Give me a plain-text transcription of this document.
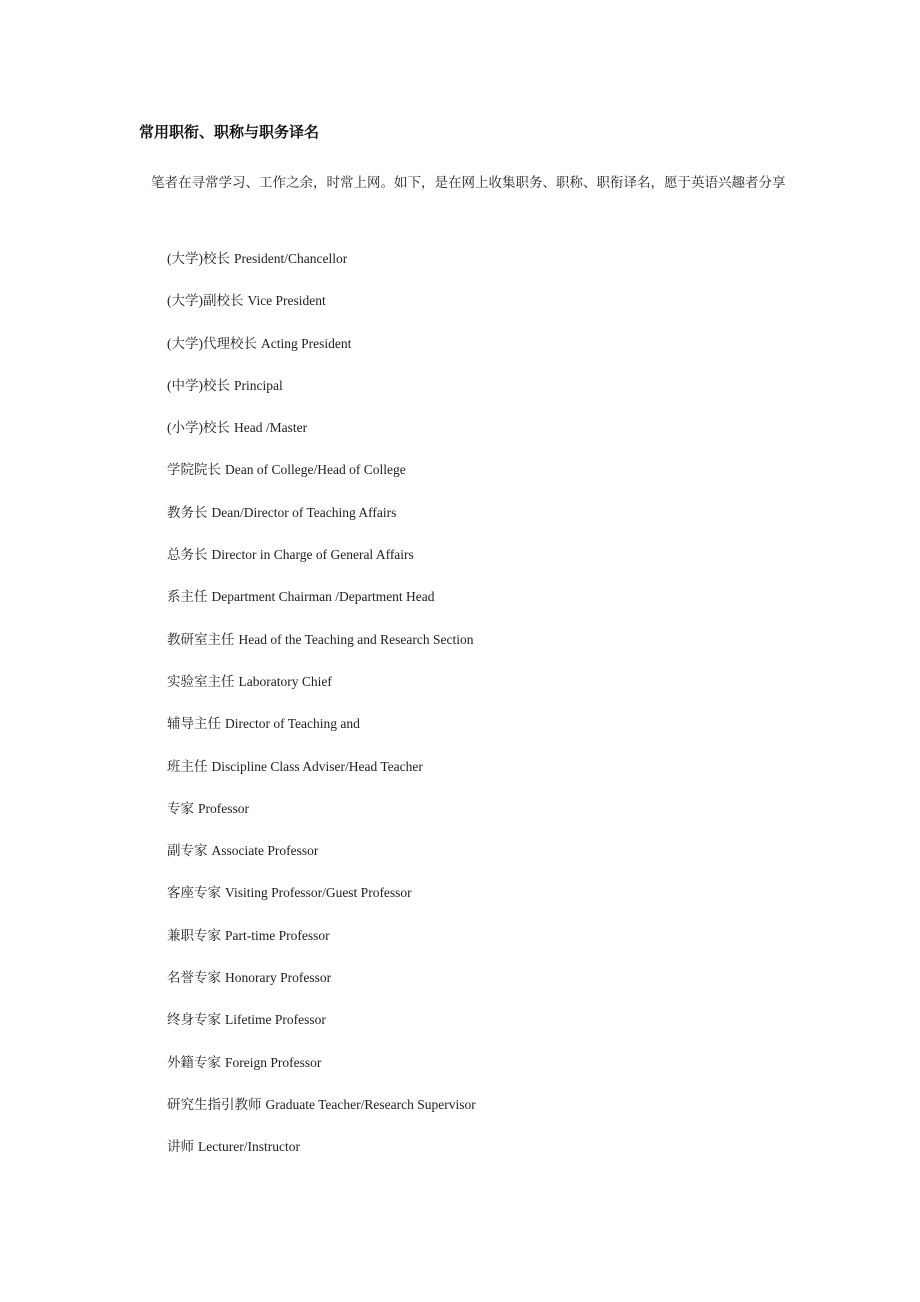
常用职衔、职称与职务译名

笔者在寻常学习、工作之余，时常上网。如下，是在网上收集职务、职称、职衔译名，愿于英语兴趣者分享

(大学)校长 President/Chancellor
(大学)副校长 Vice President
(大学)代理校长 Acting President
(中学)校长 Principal
(小学)校长 Head /Master
学院院长 Dean of College/Head of College
教务长 Dean/Director of Teaching Affairs
总务长 Director in Charge of General Affairs
系主任 Department Chairman /Department Head
教研室主任 Head of the Teaching and Research Section
实验室主任 Laboratory Chief
辅导主任 Director of Teaching and
班主任 Discipline Class Adviser/Head Teacher
专家 Professor
副专家 Associate Professor
客座专家 Visiting Professor/Guest Professor
兼职专家 Part-time Professor
名誉专家 Honorary Professor
终身专家 Lifetime Professor
外籍专家 Foreign Professor
研究生指引教师 Graduate Teacher/Research Supervisor
讲师 Lecturer/Instructor
